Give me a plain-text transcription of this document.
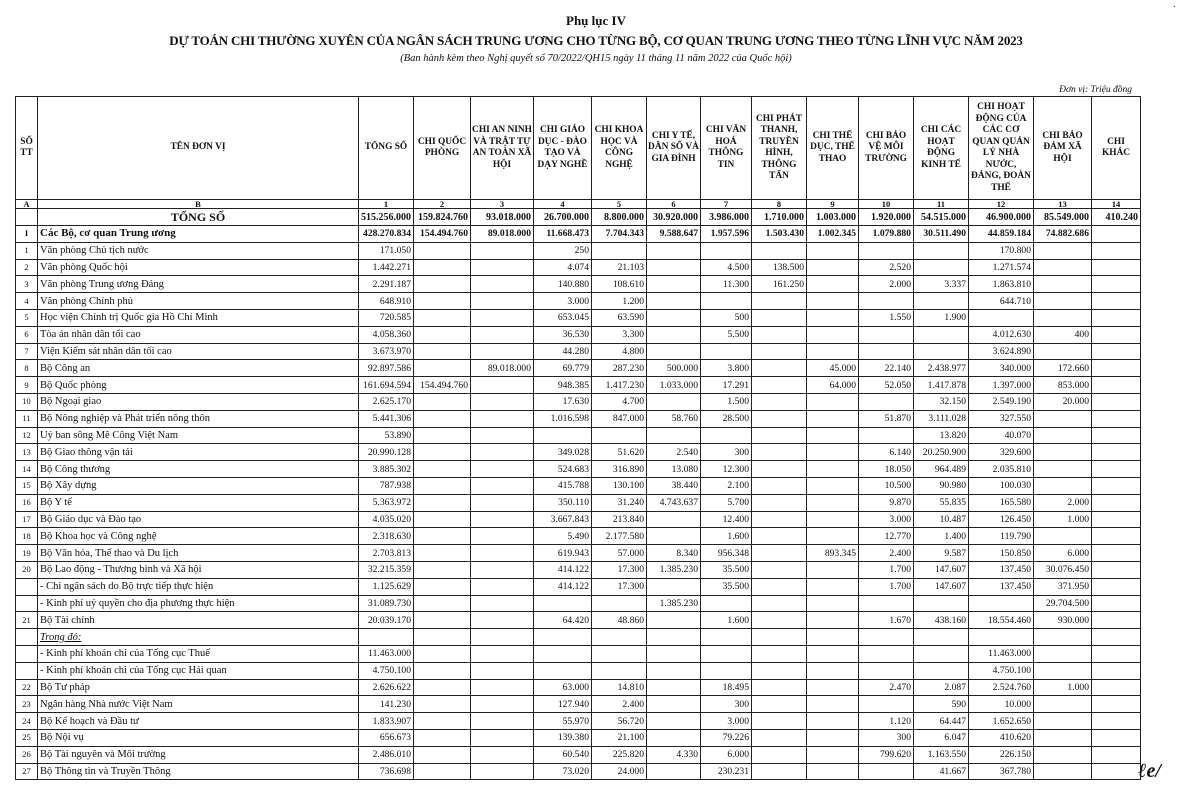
·
Phụ lục IV
DỰ TOÁN CHI THƯỜNG XUYÊN CỦA NGÂN SÁCH TRUNG ƯƠNG CHO TỪNG BỘ, CƠ QUAN TRUNG ƯƠNG THEO TỪNG LĨNH VỰC NĂM 2023
(Ban hành kèm theo Nghị quyết số 70/2022/QH15 ngày 11 tháng 11 năm 2022 của Quốc hội)
Đơn vị: Triệu đồng
SỐ TT	TÊN ĐƠN VỊ	TỔNG SỐ	CHI QUỐC PHÒNG	CHI AN NINH VÀ TRẬT TỰ AN TOÀN XÃ HỘI	CHI GIÁO DỤC - ĐÀO TẠO VÀ DẠY NGHỀ	CHI KHOA HỌC VÀ CÔNG NGHỆ	CHI Y TẾ, DÂN SỐ VÀ GIA ĐÌNH	CHI VĂN HOÁ THÔNG TIN	CHI PHÁT THANH, TRUYỀN HÌNH, THÔNG TẤN	CHI THỂ DỤC, THỂ THAO	CHI BẢO VỆ MÔI TRƯỜNG	CHI CÁC HOẠT ĐỘNG KINH TẾ	CHI HOẠT ĐỘNG CỦA CÁC CƠ QUAN QUẢN LÝ NHÀ NƯỚC, ĐẢNG, ĐOÀN THỂ	CHI BẢO ĐẢM XÃ HỘI	CHI KHÁC
A	B	1	2	3	4	5	6	7	8	9	10	11	12	13	14
	TỔNG SỐ	515.256.000	159.824.760	93.018.000	26.700.000	8.800.000	30.920.000	3.986.000	1.710.000	1.003.000	1.920.000	54.515.000	46.900.000	85.549.000	410.240
I	Các Bộ, cơ quan Trung ương	428.270.834	154.494.760	89.018.000	11.668.473	7.704.343	9.588.647	1.957.596	1.503.430	1.002.345	1.079.880	30.511.490	44.859.184	74.882.686	
1	Văn phòng Chủ tịch nước	171.050			250								170.800		
2	Văn phòng Quốc hội	1.442.271			4.074	21.103		4.500	138.500		2.520		1.271.574		
3	Văn phòng Trung ương Đảng	2.291.187			140.880	108.610		11.300	161.250		2.000	3.337	1.863.810		
4	Văn phòng Chính phủ	648.910			3.000	1.200							644.710		
5	Học viện Chính trị Quốc gia Hồ Chí Minh	720.585			653.045	63.590		500			1.550	1.900			
6	Tòa án nhân dân tối cao	4.058.360			36.530	3.300		5.500					4.012.630	400	
7	Viện Kiểm sát nhân dân tối cao	3.673.970			44.280	4.800							3.624.890		
8	Bộ Công an	92.897.586		89.018.000	69.779	287.230	500.000	3.800		45.000	22.140	2.438.977	340.000	172.660	
9	Bộ Quốc phòng	161.694.594	154.494.760		948.385	1.417.230	1.033.000	17.291		64.000	52.050	1.417.878	1.397.000	853.000	
10	Bộ Ngoại giao	2.625.170			17.630	4.700		1.500				32.150	2.549.190	20.000	
11	Bộ Nông nghiệp và Phát triển nông thôn	5.441.306			1.016.598	847.000	58.760	28.500			51.870	3.111.028	327.550		
12	Uỷ ban sông Mê Công Việt Nam	53.890										13.820	40.070		
13	Bộ Giao thông vận tải	20.990.128			349.028	51.620	2.540	300			6.140	20.250.900	329.600		
14	Bộ Công thương	3.885.302			524.683	316.890	13.080	12.300			18.050	964.489	2.035.810		
15	Bộ Xây dựng	787.938			415.788	130.100	38.440	2.100			10.500	90.980	100.030		
16	Bộ Y tế	5.363.972			350.110	31.240	4.743.637	5.700			9.870	55.835	165.580	2.000	
17	Bộ Giáo dục và Đào tạo	4.035.020			3.667.843	213.840		12.400			3.000	10.487	126.450	1.000	
18	Bộ Khoa học và Công nghệ	2.318.630			5.490	2.177.580		1.600			12.770	1.400	119.790		
19	Bộ Văn hóa, Thể thao và Du lịch	2.703.813			619.943	57.000	8.340	956.348		893.345	2.400	9.587	150.850	6.000	
20	Bộ Lao động - Thương binh và Xã hội	32.215.359			414.122	17.300	1.385.230	35.500			1.700	147.607	137.450	30.076.450	
	- Chi ngân sách do Bộ trực tiếp thực hiện	1.125.629			414.122	17.300		35.500			1.700	147.607	137.450	371.950	
	- Kinh phí uỷ quyền cho địa phương thực hiện	31.089.730					1.385.230							29.704.500	
21	Bộ Tài chính	20.039.170			64.420	48.860		1.600			1.670	438.160	18.554.460	930.000	
	Trong đó:														
	- Kinh phí khoán chi của Tổng cục Thuế	11.463.000											11.463.000		
	- Kinh phí khoán chi của Tổng cục Hải quan	4.750.100											4.750.100		
22	Bộ Tư pháp	2.626.622			63.000	14.810		18.495			2.470	2.087	2.524.760	1.000	
23	Ngân hàng Nhà nước Việt Nam	141.230			127.940	2.400		300				590	10.000		
24	Bộ Kế hoạch và Đầu tư	1.833.907			55.970	56.720		3.000			1.120	64.447	1.652.650		
25	Bộ Nội vụ	656.673			139.380	21.100		79.226			300	6.047	410.620		
26	Bộ Tài nguyên và Môi trường	2.486.010			60.540	225.820	4.330	6.000			799.620	1.163.550	226.150		
27	Bộ Thông tin và Truyền Thông	736.698			73.020	24.000		230.231				41.667	367.780			ℓe/
